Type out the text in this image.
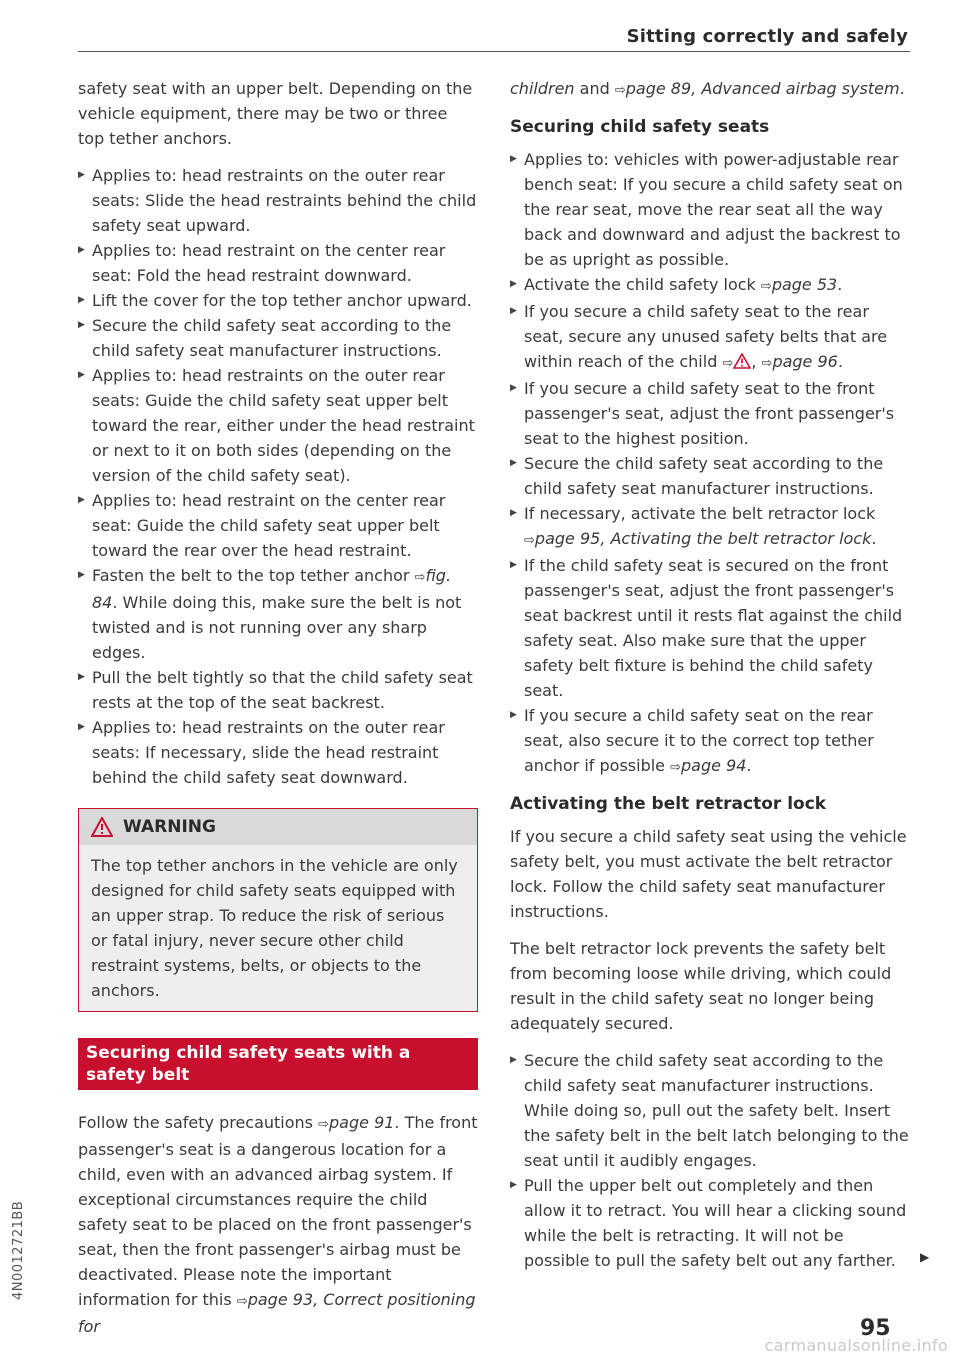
Sitting correctly and safely

safety seat with an upper belt. Depending on the vehicle equipment, there may be two or three top tether anchors.

▶ Applies to: head restraints on the outer rear seats: Slide the head restraints behind the child safety seat upward.
▶ Applies to: head restraint on the center rear seat: Fold the head restraint downward.
▶ Lift the cover for the top tether anchor upward.
▶ Secure the child safety seat according to the child safety seat manufacturer instructions.
▶ Applies to: head restraints on the outer rear seats: Guide the child safety seat upper belt toward the rear, either under the head restraint or next to it on both sides (depending on the version of the child safety seat).
▶ Applies to: head restraint on the center rear seat: Guide the child safety seat upper belt toward the rear over the head restraint.
▶ Fasten the belt to the top tether anchor ⇨fig. 84. While doing this, make sure the belt is not twisted and is not running over any sharp edges.
▶ Pull the belt tightly so that the child safety seat rests at the top of the seat backrest.
▶ Applies to: head restraints on the outer rear seats: If necessary, slide the head restraint behind the child safety seat downward.
WARNING

The top tether anchors in the vehicle are only designed for child safety seats equipped with an upper strap. To reduce the risk of serious or fatal injury, never secure other child restraint systems, belts, or objects to the anchors.

Securing child safety seats with a safety belt

Follow the safety precautions ⇨page 91. The front passenger's seat is a dangerous location for a child, even with an advanced airbag system. If exceptional circumstances require the child safety seat to be placed on the front passenger's seat, then the front passenger's airbag must be deactivated. Please note the important information for this ⇨page 93, Correct positioning for

children and ⇨page 89, Advanced airbag system.

Securing child safety seats
▶ Applies to: vehicles with power-adjustable rear bench seat: If you secure a child safety seat on the rear seat, move the rear seat all the way back and downward and adjust the backrest to be as upright as possible.
▶ Activate the child safety lock ⇨page 53.
▶ If you secure a child safety seat to the rear seat, secure any unused safety belts that are within reach of the child ⇨ , ⇨page 96.
▶ If you secure a child safety seat to the front passenger's seat, adjust the front passenger's seat to the highest position.
▶ Secure the child safety seat according to the child safety seat manufacturer instructions.
▶ If necessary, activate the belt retractor lock ⇨page 95, Activating the belt retractor lock.
▶ If the child safety seat is secured on the front passenger's seat, adjust the front passenger's seat backrest until it rests flat against the child safety seat. Also make sure that the upper safety belt fixture is behind the child safety seat.
▶ If you secure a child safety seat on the rear seat, also secure it to the correct top tether anchor if possible ⇨page 94.
Activating the belt retractor lock

If you secure a child safety seat using the vehicle safety belt, you must activate the belt retractor lock. Follow the child safety seat manufacturer instructions.

The belt retractor lock prevents the safety belt from becoming loose while driving, which could result in the child safety seat no longer being adequately secured.

▶ Secure the child safety seat according to the child safety seat manufacturer instructions. While doing so, pull out the safety belt. Insert the safety belt in the belt latch belonging to the seat until it audibly engages.
▶ Pull the upper belt out completely and then allow it to retract. You will hear a clicking sound while the belt is retracting. It will not be possible to pull the safety belt out any farther.	▶
4N0012721BB
95
carmanualsonline.info
